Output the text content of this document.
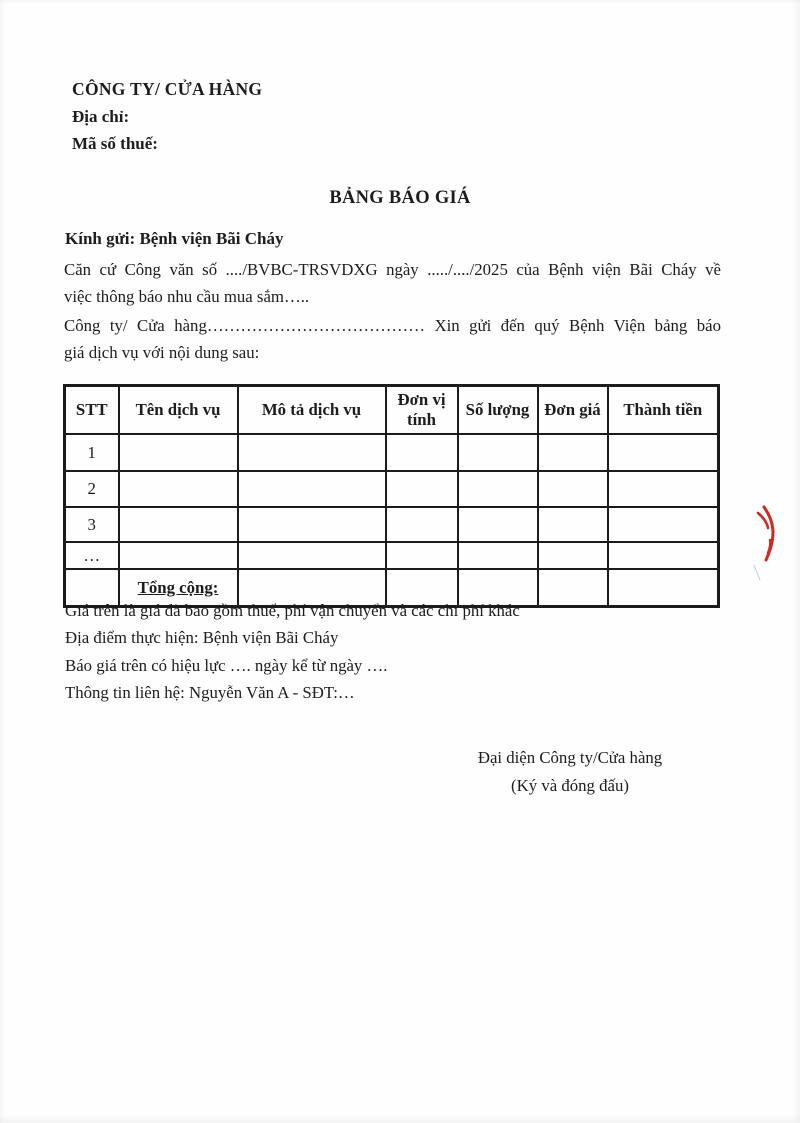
CÔNG TY/ CỬA HÀNG
Địa chỉ:
Mã số thuế:
BẢNG BÁO GIÁ
Kính gửi: Bệnh viện Bãi Cháy
Căn cứ Công văn số ..../BVBC-TRSVDXG ngày ...../..../2025 của Bệnh viện Bãi Cháy về
việc thông báo nhu cầu mua sắm…..
Công ty/ Cửa hàng………………………………… Xin gửi đến quý Bệnh Viện bảng báo
giá dịch vụ với nội dung sau:
STT	Tên dịch vụ	Mô tả dịch vụ	Đơn vị tính	Số lượng	Đơn giá	Thành tiền
1						
2						
3						
…						
	Tổng cộng:					
Giá trên là giá đã bao gồm thuế, phí vận chuyển và các chi phí khác
Địa điểm thực hiện: Bệnh viện Bãi Cháy
Báo giá trên có hiệu lực …. ngày kể từ ngày ….
Thông tin liên hệ: Nguyễn Văn A - SĐT:…
Đại diện Công ty/Cửa hàng
(Ký và đóng đấu)
